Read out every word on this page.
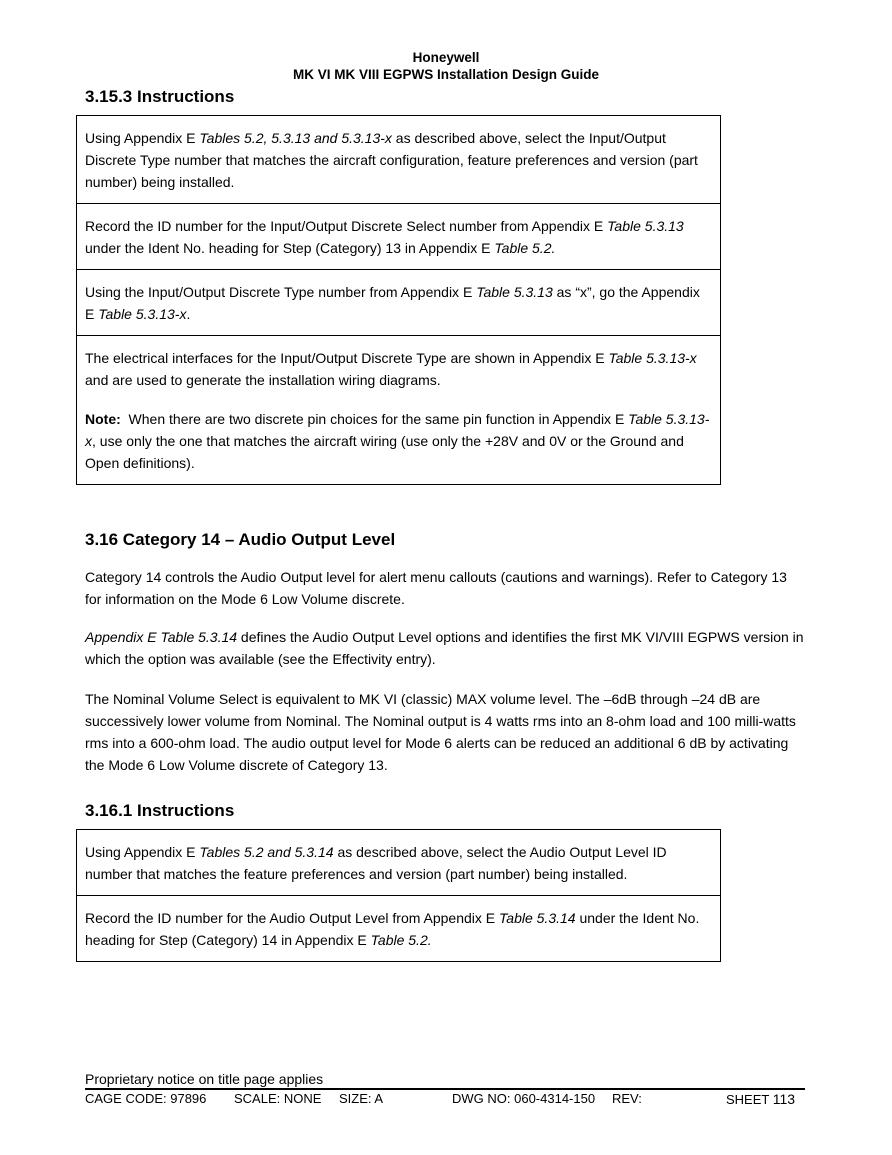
Honeywell
MK VI MK VIII EGPWS Installation Design Guide
3.15.3 Instructions
Using Appendix E Tables 5.2, 5.3.13 and 5.3.13-x as described above, select the Input/Output Discrete Type number that matches the aircraft configuration, feature preferences and version (part number) being installed.
Record the ID number for the Input/Output Discrete Select number from Appendix E Table 5.3.13 under the Ident No. heading for Step (Category) 13 in Appendix E Table 5.2.
Using the Input/Output Discrete Type number from Appendix E Table 5.3.13 as “x”, go the Appendix E Table 5.3.13-x.

The electrical interfaces for the Input/Output Discrete Type are shown in Appendix E Table 5.3.13-x and are used to generate the installation wiring diagrams.

Note:  When there are two discrete pin choices for the same pin function in Appendix E Table 5.3.13-x, use only the one that matches the aircraft wiring (use only the +28V and 0V or the Ground and Open definitions).

3.16 Category 14 – Audio Output Level

Category 14 controls the Audio Output level for alert menu callouts (cautions and warnings). Refer to Category 13 for information on the Mode 6 Low Volume discrete.

Appendix E Table 5.3.14 defines the Audio Output Level options and identifies the first MK VI/VIII EGPWS version in which the option was available (see the Effectivity entry).

The Nominal Volume Select is equivalent to MK VI (classic) MAX volume level. The –6dB through –24 dB are successively lower volume from Nominal. The Nominal output is 4 watts rms into an 8-ohm load and 100 milli-watts rms into a 600-ohm load. The audio output level for Mode 6 alerts can be reduced an additional 6 dB by activating the Mode 6 Low Volume discrete of Category 13.

3.16.1 Instructions
Using Appendix E Tables 5.2 and 5.3.14 as described above, select the Audio Output Level ID number that matches the feature preferences and version (part number) being installed.
Record the ID number for the Audio Output Level from Appendix E Table 5.3.14 under the Ident No. heading for Step (Category) 14 in Appendix E Table 5.2.
Proprietary notice on title page applies
CAGE CODE: 97896 SCALE: NONE SIZE: A	DWG NO: 060-4314-150 REV:	SHEET 113
